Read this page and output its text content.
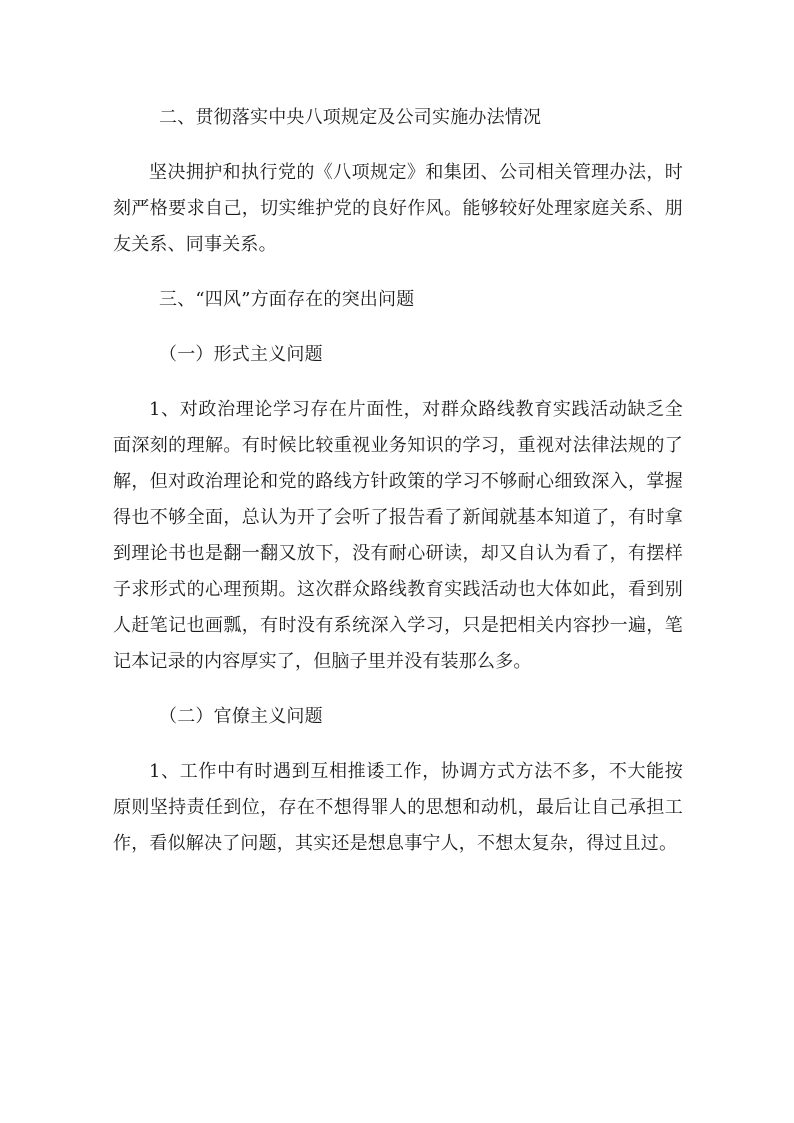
二、贯彻落实中央八项规定及公司实施办法情况

坚决拥护和执行党的《八项规定》和集团、公司相关管理办法，时刻严格要求自己，切实维护党的良好作风。能够较好处理家庭关系、朋友关系、同事关系。

三、“四风”方面存在的突出问题
（一）形式主义问题

1、对政治理论学习存在片面性，对群众路线教育实践活动缺乏全面深刻的理解。有时候比较重视业务知识的学习，重视对法律法规的了解，但对政治理论和党的路线方针政策的学习不够耐心细致深入，掌握得也不够全面，总认为开了会听了报告看了新闻就基本知道了，有时拿到理论书也是翻一翻又放下，没有耐心研读，却又自认为看了，有摆样子求形式的心理预期。这次群众路线教育实践活动也大体如此，看到别人赶笔记也画瓢，有时没有系统深入学习，只是把相关内容抄一遍，笔记本记录的内容厚实了，但脑子里并没有装那么多。

（二）官僚主义问题

1、工作中有时遇到互相推诿工作，协调方式方法不多，不大能按原则坚持责任到位，存在不想得罪人的思想和动机，最后让自己承担工作，看似解决了问题，其实还是想息事宁人，不想太复杂，得过且过。
